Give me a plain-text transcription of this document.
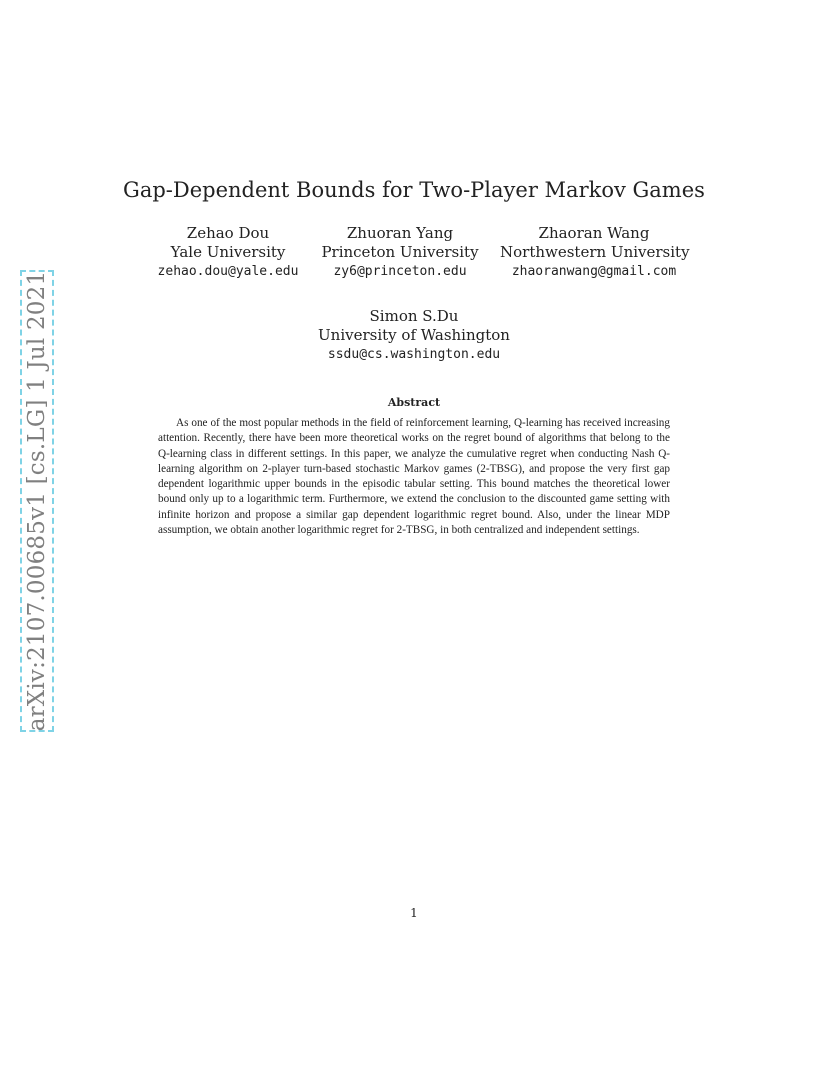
arXiv:2107.00685v1 [cs.LG] 1 Jul 2021
Gap-Dependent Bounds for Two-Player Markov Games
Zehao Dou
Yale University
zehao.dou@yale.edu
Zhuoran Yang
Princeton University
zy6@princeton.edu
Zhaoran Wang
Northwestern University
zhaoranwang@gmail.com
Simon S.Du
University of Washington
ssdu@cs.washington.edu
Abstract
As one of the most popular methods in the field of reinforcement learning, Q-learning has received increasing attention. Recently, there have been more theoretical works on the regret bound of algorithms that belong to the Q-learning class in different settings. In this paper, we analyze the cumulative regret when conducting Nash Q-learning algorithm on 2-player turn-based stochastic Markov games (2-TBSG), and propose the very first gap dependent logarithmic upper bounds in the episodic tabular setting. This bound matches the theoretical lower bound only up to a logarithmic term. Furthermore, we extend the conclusion to the discounted game setting with infinite horizon and propose a similar gap dependent logarithmic regret bound. Also, under the linear MDP assumption, we obtain another logarithmic regret for 2-TBSG, in both centralized and independent settings.
1
